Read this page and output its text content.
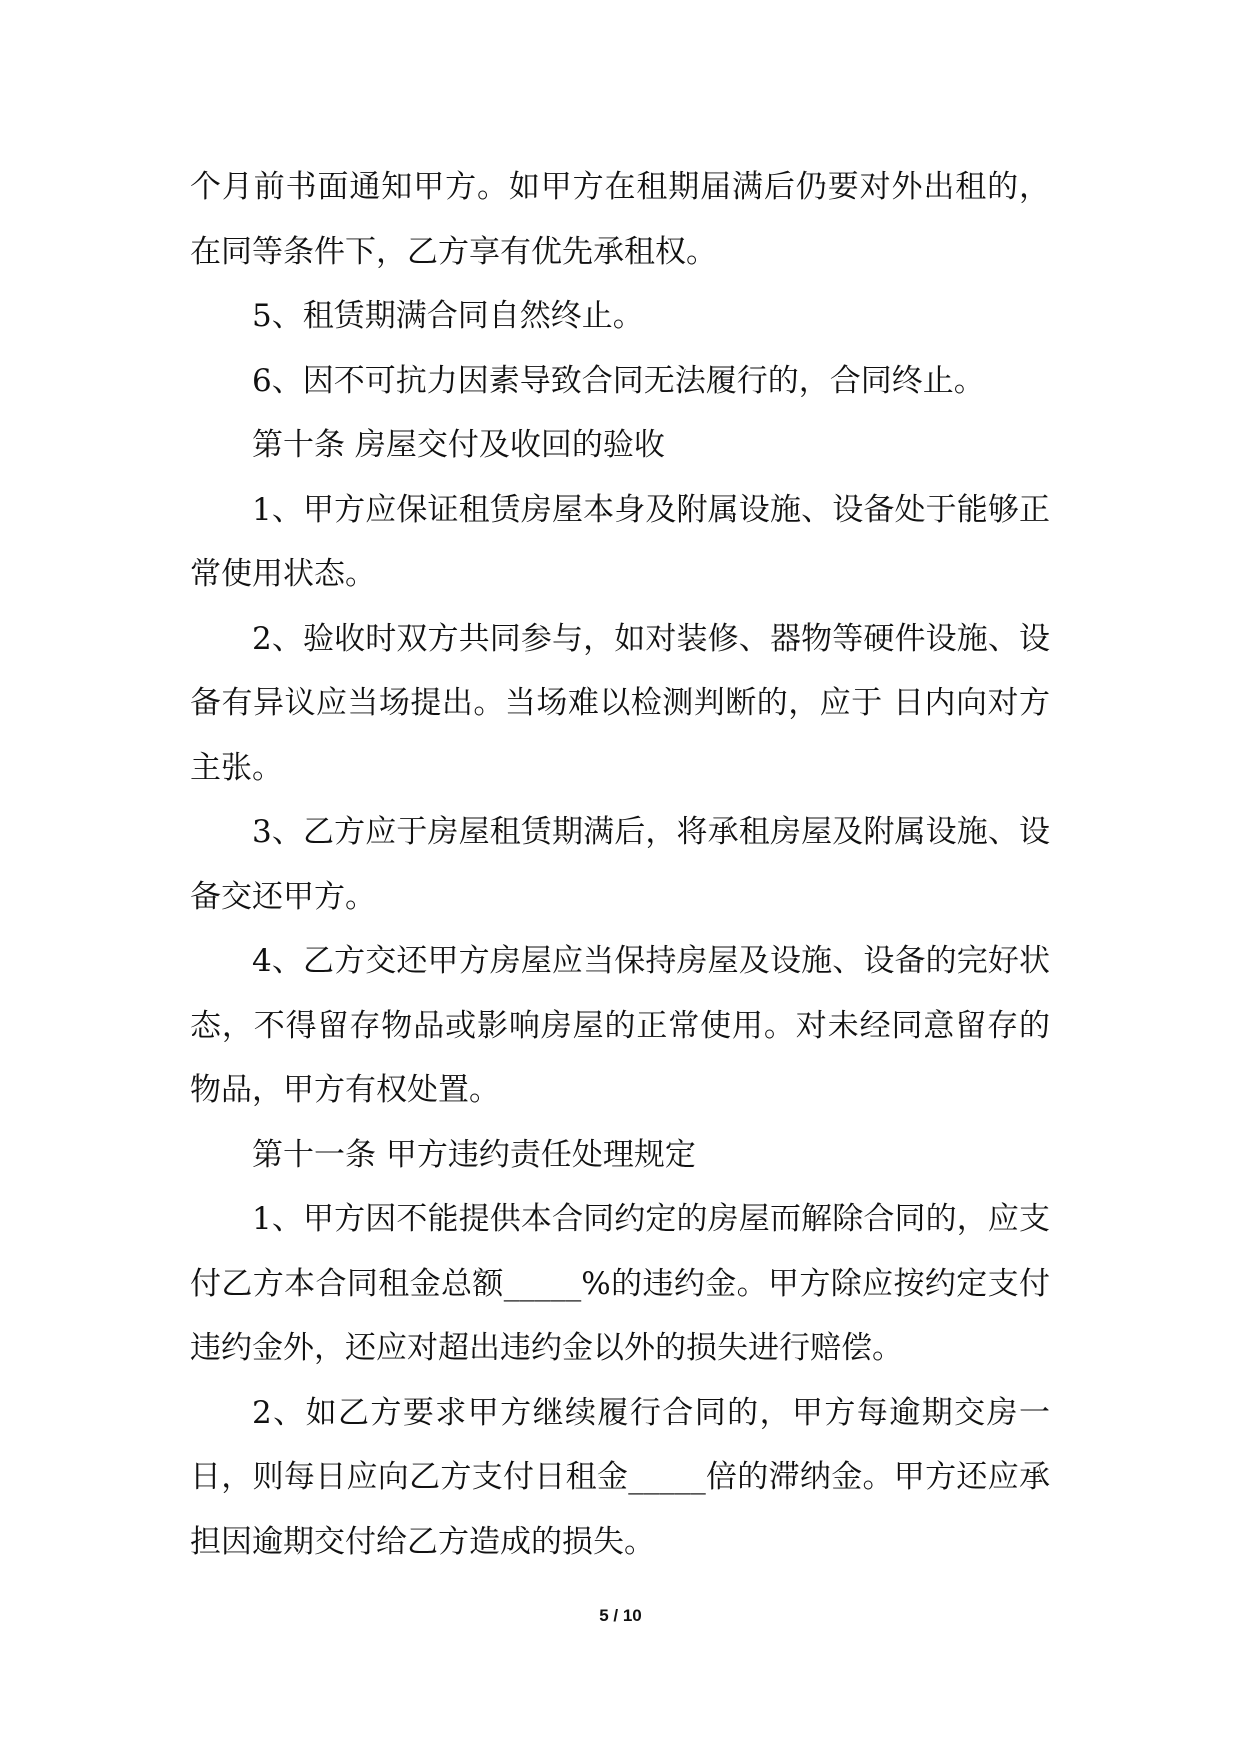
个月前书面通知甲方。如甲方在租期届满后仍要对外出租的，在同等条件下，乙方享有优先承租权。

5、租赁期满合同自然终止。

6、因不可抗力因素导致合同无法履行的，合同终止。

第十条 房屋交付及收回的验收

1、甲方应保证租赁房屋本身及附属设施、设备处于能够正常使用状态。

2、验收时双方共同参与，如对装修、器物等硬件设施、设备有异议应当场提出。当场难以检测判断的，应于 日内向对方主张。

3、乙方应于房屋租赁期满后，将承租房屋及附属设施、设备交还甲方。

4、乙方交还甲方房屋应当保持房屋及设施、设备的完好状态，不得留存物品或影响房屋的正常使用。对未经同意留存的物品，甲方有权处置。

第十一条 甲方违约责任处理规定

1、甲方因不能提供本合同约定的房屋而解除合同的，应支付乙方本合同租金总额_____%的违约金。甲方除应按约定支付违约金外，还应对超出违约金以外的损失进行赔偿。

2、如乙方要求甲方继续履行合同的，甲方每逾期交房一日，则每日应向乙方支付日租金_____倍的滞纳金。甲方还应承担因逾期交付给乙方造成的损失。

5 / 10
